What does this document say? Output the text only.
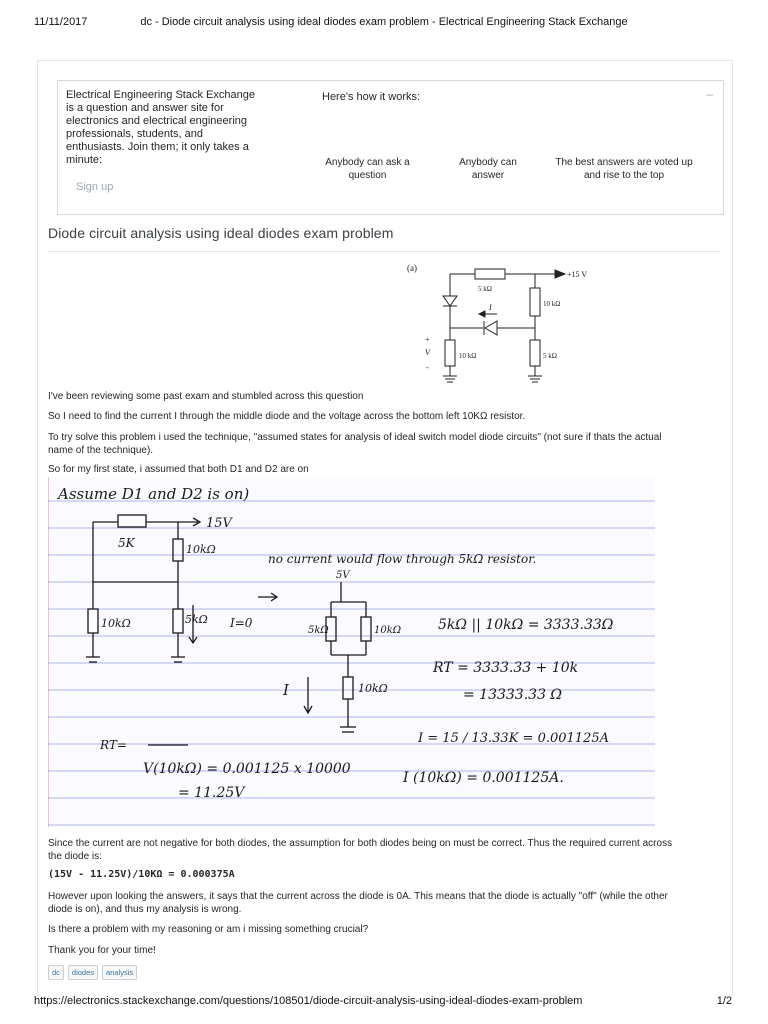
11/11/2017	dc - Diode circuit analysis using ideal diodes exam problem - Electrical Engineering Stack Exchange
Electrical Engineering Stack Exchange is a question and answer site for electronics and electrical engineering professionals, students, and enthusiasts. Join them; it only takes a minute:
Sign up
Here's how it works:	–
Anybody can ask a question
Anybody can answer
The best answers are voted up and rise to the top
Diode circuit analysis using ideal diodes exam problem
(a)
+15 V
5 kΩ
10 kΩ
I
10 kΩ	5 kΩ
+
V
-
I've been reviewing some past exam and stumbled across this question
So I need to find the current I through the middle diode and the voltage across the bottom left 10KΩ resistor.
To try solve this problem i used the technique, "assumed states for analysis of ideal switch model diode circuits" (not sure if thats the actual name of the technique).
So for my first state, i assumed that both D1 and D2 are on
Assume D1 and D2 is on)
15V
5K	10kΩ
no current would flow through 5kΩ resistor.
10kΩ	5kΩ I=0
5V
5kΩ	10kΩ	5kΩ || 10kΩ = 3333.33Ω
RT = 3333.33 + 10k
= 13333.33 Ω
I	10kΩ
RT=	I = 15 / 13.33K = 0.001125A
V(10kΩ) = 0.001125 x 10000
= 11.25V
I (10kΩ) = 0.001125A.
Since the current are not negative for both diodes, the assumption for both diodes being on must be correct. Thus the required current across the diode is:
(15V - 11.25V)/10KΩ = 0.000375A
However upon looking the answers, it says that the current across the diode is 0A. This means that the diode is actually "off" (while the other diode is on), and thus my analysis is wrong.
Is there a problem with my reasoning or am i missing something crucial?
Thank you for your time!
dc	diodes	analysis
https://electronics.stackexchange.com/questions/108501/diode-circuit-analysis-using-ideal-diodes-exam-problem	1/2
